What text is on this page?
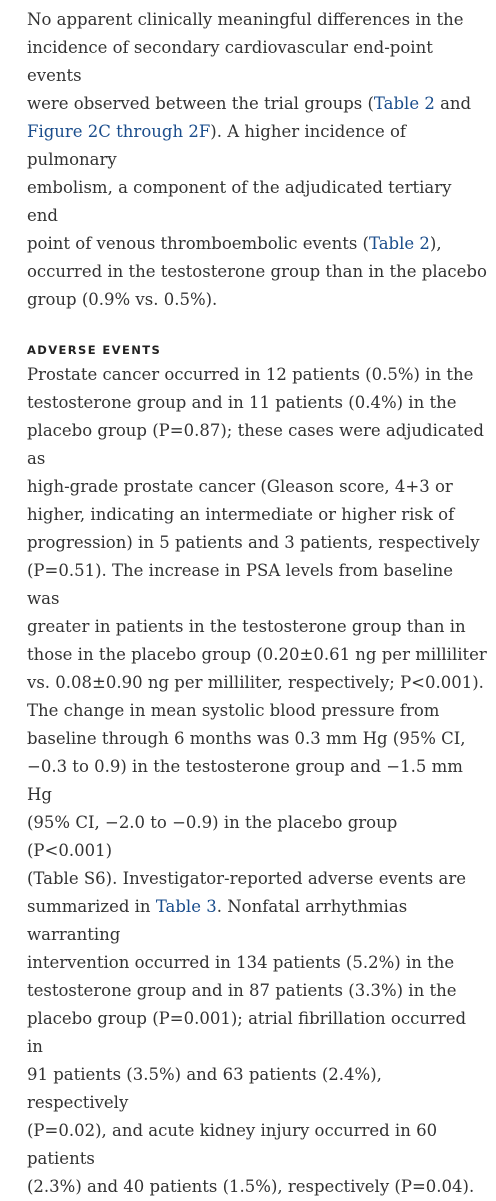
No apparent clinically meaningful differences in the
incidence of secondary cardiovascular end-point events
were observed between the trial groups (Table 2 and
Figure 2C through 2F). A higher incidence of pulmonary
embolism, a component of the adjudicated tertiary end
point of venous thromboembolic events (Table 2),
occurred in the testosterone group than in the placebo
group (0.9% vs. 0.5%).

ADVERSE EVENTS

Prostate cancer occurred in 12 patients (0.5%) in the
testosterone group and in 11 patients (0.4%) in the
placebo group (P=0.87); these cases were adjudicated as
high-grade prostate cancer (Gleason score, 4+3 or
higher, indicating an intermediate or higher risk of
progression) in 5 patients and 3 patients, respectively
(P=0.51). The increase in PSA levels from baseline was
greater in patients in the testosterone group than in
those in the placebo group (0.20±0.61 ng per milliliter
vs. 0.08±0.90 ng per milliliter, respectively; P<0.001).
The change in mean systolic blood pressure from
baseline through 6 months was 0.3 mm Hg (95% CI,
−0.3 to 0.9) in the testosterone group and −1.5 mm Hg
(95% CI, −2.0 to −0.9) in the placebo group (P<0.001)
(Table S6). Investigator-reported adverse events are
summarized in Table 3. Nonfatal arrhythmias warranting
intervention occurred in 134 patients (5.2%) in the
testosterone group and in 87 patients (3.3%) in the
placebo group (P=0.001); atrial fibrillation occurred in
91 patients (3.5%) and 63 patients (2.4%), respectively
(P=0.02), and acute kidney injury occurred in 60 patients
(2.3%) and 40 patients (1.5%), respectively (P=0.04).
